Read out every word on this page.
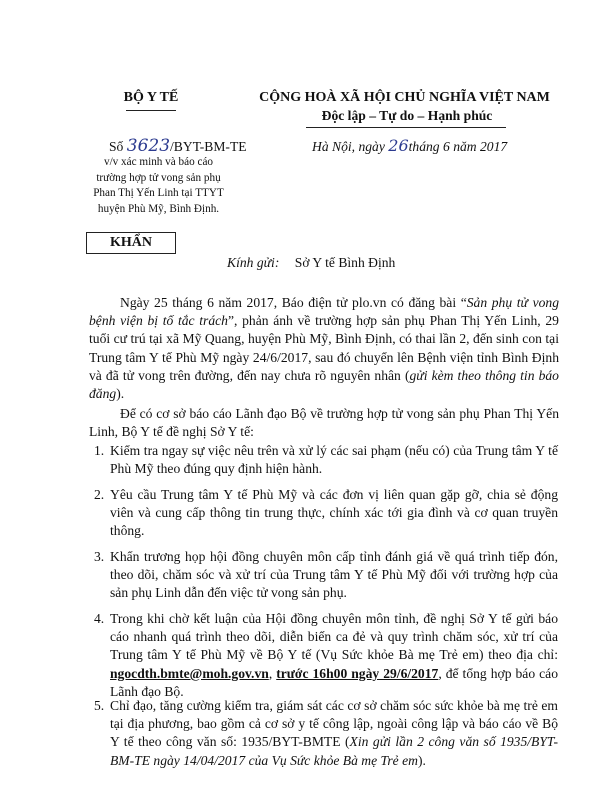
BỘ Y TẾ	CỘNG HOÀ XÃ HỘI CHỦ NGHĨA VIỆT NAM
Độc lập – Tự do – Hạnh phúc
Số 3623/BYT-BM-TE
v/v xác minh và báo cáo trường hợp tử vong sản phụ Phan Thị Yến Linh tại TTYT huyện Phù Mỹ, Bình Định.
Hà Nội, ngày 26tháng 6 năm 2017
KHẨN
Kính gửi: Sở Y tế Bình Định
Ngày 25 tháng 6 năm 2017, Báo điện tử plo.vn có đăng bài “Sản phụ tử vong bệnh viện bị tố tắc trách”, phản ánh về trường hợp sản phụ Phan Thị Yến Linh, 29 tuổi cư trú tại xã Mỹ Quang, huyện Phù Mỹ, Bình Định, có thai lần 2, đến sinh con tại Trung tâm Y tế Phù Mỹ ngày 24/6/2017, sau đó chuyển lên Bệnh viện tỉnh Bình Định và đã tử vong trên đường, đến nay chưa rõ nguyên nhân (gửi kèm theo thông tin báo đăng).
Để có cơ sở báo cáo Lãnh đạo Bộ về trường hợp tử vong sản phụ Phan Thị Yến Linh, Bộ Y tế đề nghị Sở Y tế:
1. Kiểm tra ngay sự việc nêu trên và xử lý các sai phạm (nếu có) của Trung tâm Y tế Phù Mỹ theo đúng quy định hiện hành.
2. Yêu cầu Trung tâm Y tế Phù Mỹ và các đơn vị liên quan gặp gỡ, chia sẻ động viên và cung cấp thông tin trung thực, chính xác tới gia đình và cơ quan truyền thông.
3. Khẩn trương họp hội đồng chuyên môn cấp tỉnh đánh giá về quá trình tiếp đón, theo dõi, chăm sóc và xử trí của Trung tâm Y tế Phù Mỹ đối với trường hợp của sản phụ Linh dẫn đến việc tử vong sản phụ.
4. Trong khi chờ kết luận của Hội đồng chuyên môn tỉnh, đề nghị Sở Y tế gửi báo cáo nhanh quá trình theo dõi, diễn biến ca đẻ và quy trình chăm sóc, xử trí của Trung tâm Y tế Phù Mỹ về Bộ Y tế (Vụ Sức khỏe Bà mẹ Trẻ em) theo địa chỉ: ngocdth.bmte@moh.gov.vn, trước 16h00 ngày 29/6/2017, để tổng hợp báo cáo Lãnh đạo Bộ.
5. Chỉ đạo, tăng cường kiểm tra, giám sát các cơ sở chăm sóc sức khỏe bà mẹ trẻ em tại địa phương, bao gồm cả cơ sở y tế công lập, ngoài công lập và báo cáo về Bộ Y tế theo công văn số: 1935/BYT-BMTE (Xin gửi lần 2 công văn số 1935/BYT-BM-TE ngày 14/04/2017 của Vụ Sức khỏe Bà mẹ Trẻ em).
